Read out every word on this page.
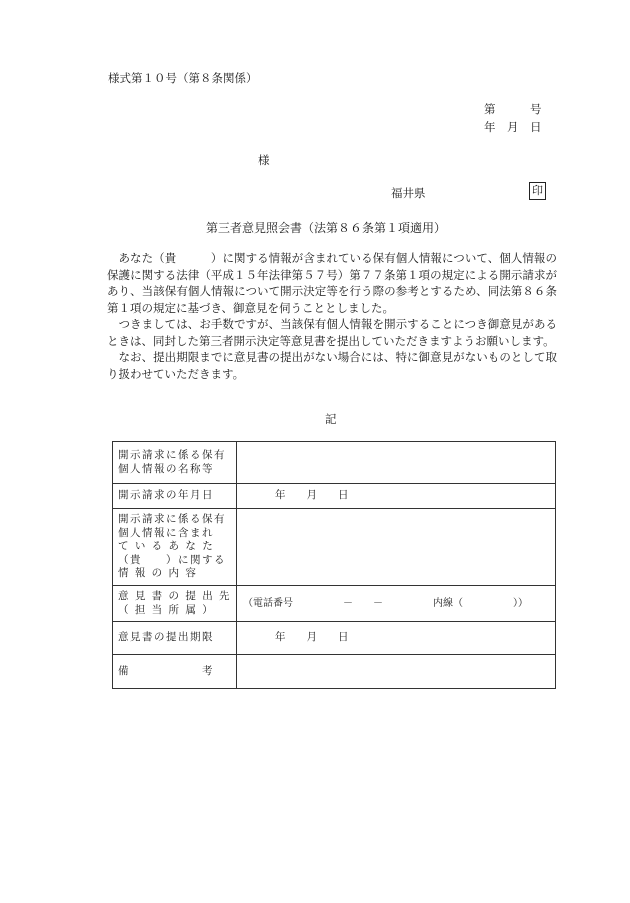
様式第１０号（第８条関係）
第　　　号
年　月　日
様
福井県	印
第三者意見照会書（法第８６条第１項適用）

あなた（貴　　　）に関する情報が含まれている保有個人情報について、個人情報の保護に関する法律（平成１５年法律第５７号）第７７条第１項の規定による開示請求があり、当該保有個人情報について開示決定等を行う際の参考とするため、同法第８６条第１項の規定に基づき、御意見を伺うこととしました。

つきましては、お手数ですが、当該保有個人情報を開示することにつき御意見があるときは、同封した第三者開示決定等意見書を提出していただきますようお願いします。

なお、提出期限までに意見書の提出がない場合には、特に御意見がないものとして取り扱わせていただきます。

記
開示請求に係る保有
個人情報の名称等	

開示請求の年月日	年　　月　　日

開示請求に係る保有
個人情報に含まれ
て い る あ な た
（貴　　）に関する
情 報 の 内 容	

意 見 書 の 提 出 先
（ 担 当 所 属 ）	（電話番号　　　　　－　　－　　　　　内線（　　　　　））

意見書の提出期限	年　　月　　日

備　　　　　　考	
